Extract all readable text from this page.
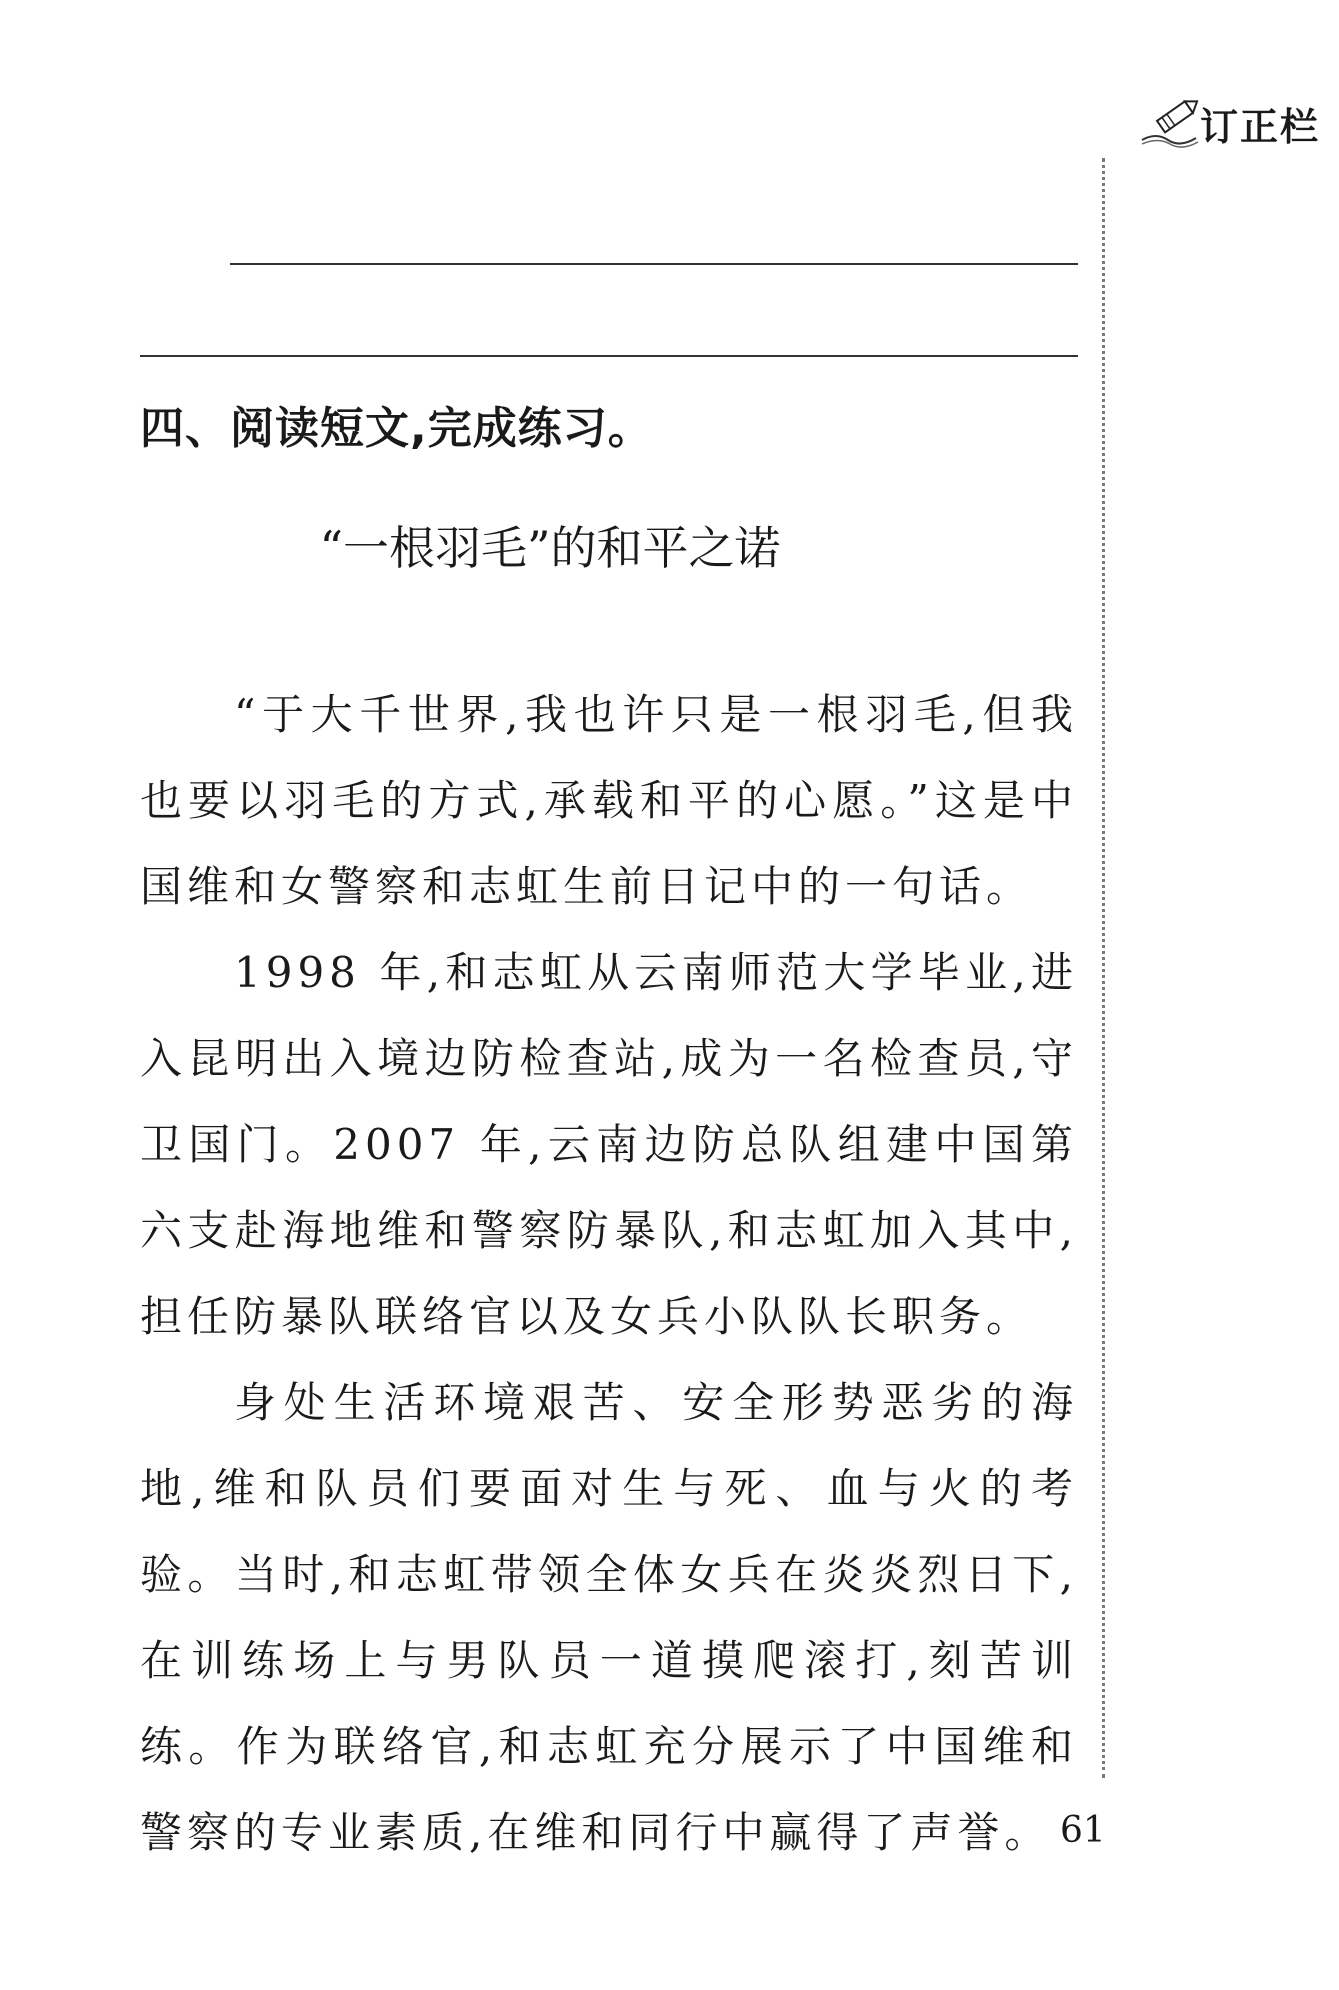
订正栏
四、阅读短文,完成练习。
“一根羽毛”的和平之诺

“于大千世界,我也许只是一根羽毛,但我也要以羽毛的方式,承载和平的心愿。”这是中国维和女警察和志虹生前日记中的一句话。

1998 年,和志虹从云南师范大学毕业,进入昆明出入境边防检查站,成为一名检查员,守卫国门。2007 年,云南边防总队组建中国第六支赴海地维和警察防暴队,和志虹加入其中,担任防暴队联络官以及女兵小队队长职务。

身处生活环境艰苦、安全形势恶劣的海地,维和队员们要面对生与死、血与火的考验。当时,和志虹带领全体女兵在炎炎烈日下,在训练场上与男队员一道摸爬滚打,刻苦训练。作为联络官,和志虹充分展示了中国维和警察的专业素质,在维和同行中赢得了声誉。 61
